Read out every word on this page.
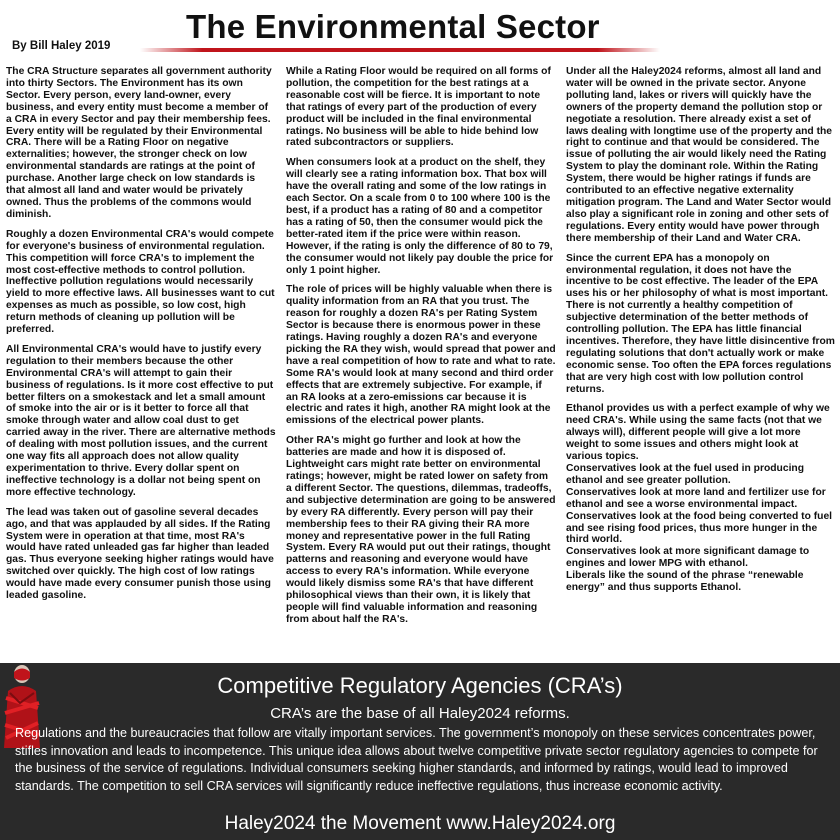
The Environmental Sector
By Bill Haley 2019

The CRA Structure separates all government authority into thirty Sectors. The Environment has its own Sector. Every person, every land-owner, every business, and every entity must become a member of a CRA in every Sector and pay their membership fees. Every entity will be regulated by their Environmental CRA. There will be a Rating Floor on negative externalities; however, the stronger check on low environmental standards are ratings at the point of purchase. Another large check on low standards is that almost all land and water would be privately owned. Thus the problems of the commons would diminish.

Roughly a dozen Environmental CRA's would compete for everyone's business of environmental regulation. This competition will force CRA's to implement the most cost-effective methods to control pollution. Ineffective pollution regulations would necessarily yield to more effective laws. All businesses want to cut expenses as much as possible, so low cost, high return methods of cleaning up pollution will be preferred.

All Environmental CRA's would have to justify every regulation to their members because the other Environmental CRA's will attempt to gain their business of regulations. Is it more cost effective to put better filters on a smokestack and let a small amount of smoke into the air or is it better to force all that smoke through water and allow coal dust to get carried away in the river. There are alternative methods of dealing with most pollution issues, and the current one way fits all approach does not allow quality experimentation to thrive. Every dollar spent on ineffective technology is a dollar not being spent on more effective technology.

The lead was taken out of gasoline several decades ago, and that was applauded by all sides. If the Rating System were in operation at that time, most RA's would have rated unleaded gas far higher than leaded gas. Thus everyone seeking higher ratings would have switched over quickly. The high cost of low ratings would have made every consumer punish those using leaded gasoline.

While a Rating Floor would be required on all forms of pollution, the competition for the best ratings at a reasonable cost will be fierce. It is important to note that ratings of every part of the production of every product will be included in the final environmental ratings. No business will be able to hide behind low rated subcontractors or suppliers.

When consumers look at a product on the shelf, they will clearly see a rating information box. That box will have the overall rating and some of the low ratings in each Sector. On a scale from 0 to 100 where 100 is the best, if a product has a rating of 80 and a competitor has a rating of 50, then the consumer would pick the better-rated item if the price were within reason. However, if the rating is only the difference of 80 to 79, the consumer would not likely pay double the price for only 1 point higher.

The role of prices will be highly valuable when there is quality information from an RA that you trust. The reason for roughly a dozen RA's per Rating System Sector is because there is enormous power in these ratings. Having roughly a dozen RA's and everyone picking the RA they wish, would spread that power and have a real competition of how to rate and what to rate. Some RA's would look at many second and third order effects that are extremely subjective. For example, if an RA looks at a zero-emissions car because it is electric and rates it high, another RA might look at the emissions of the electrical power plants.

Other RA's might go further and look at how the batteries are made and how it is disposed of. Lightweight cars might rate better on environmental ratings; however, might be rated lower on safety from a different Sector. The questions, dilemmas, tradeoffs, and subjective determination are going to be answered by every RA differently. Every person will pay their membership fees to their RA giving their RA more money and representative power in the full Rating System. Every RA would put out their ratings, thought patterns and reasoning and everyone would have access to every RA's information. While everyone would likely dismiss some RA's that have different philosophical views than their own, it is likely that people will find valuable information and reasoning from about half the RA's.

Under all the Haley2024 reforms, almost all land and water will be owned in the private sector. Anyone polluting land, lakes or rivers will quickly have the owners of the property demand the pollution stop or negotiate a resolution. There already exist a set of laws dealing with longtime use of the property and the right to continue and that would be considered. The issue of polluting the air would likely need the Rating System to play the dominant role. Within the Rating System, there would be higher ratings if funds are contributed to an effective negative externality mitigation program. The Land and Water Sector would also play a significant role in zoning and other sets of regulations. Every entity would have power through there membership of their Land and Water CRA.

Since the current EPA has a monopoly on environmental regulation, it does not have the incentive to be cost effective. The leader of the EPA uses his or her philosophy of what is most important. There is not currently a healthy competition of subjective determination of the better methods of controlling pollution. The EPA has little financial incentives. Therefore, they have little disincentive from regulating solutions that don't actually work or make economic sense. Too often the EPA forces regulations that are very high cost with low pollution control returns.

Ethanol provides us with a perfect example of why we need CRA's. While using the same facts (not that we always will), different people will give a lot more weight to some issues and others might look at various topics.
Conservatives look at the fuel used in producing ethanol and see greater pollution.
Conservatives look at more land and fertilizer use for ethanol and see a worse environmental impact. Conservatives look at the food being converted to fuel and see rising food prices, thus more hunger in the third world.
Conservatives look at more significant damage to engines and lower MPG with ethanol.
Liberals like the sound of the phrase “renewable energy” and thus supports Ethanol.

Competitive Regulatory Agencies (CRA’s)
CRA’s are the base of all Haley2024 reforms.
Regulations and the bureaucracies that follow are vitally important services. The government’s monopoly on these services concentrates power, stifles innovation and leads to incompetence. This unique idea allows about twelve competitive private sector regulatory agencies to compete for the business of the service of regulations. Individual consumers seeking higher standards, and informed by ratings, would lead to improved standards. The competition to sell CRA services will significantly reduce ineffective regulations, thus increase economic activity.
Haley2024 the Movement www.Haley2024.org
